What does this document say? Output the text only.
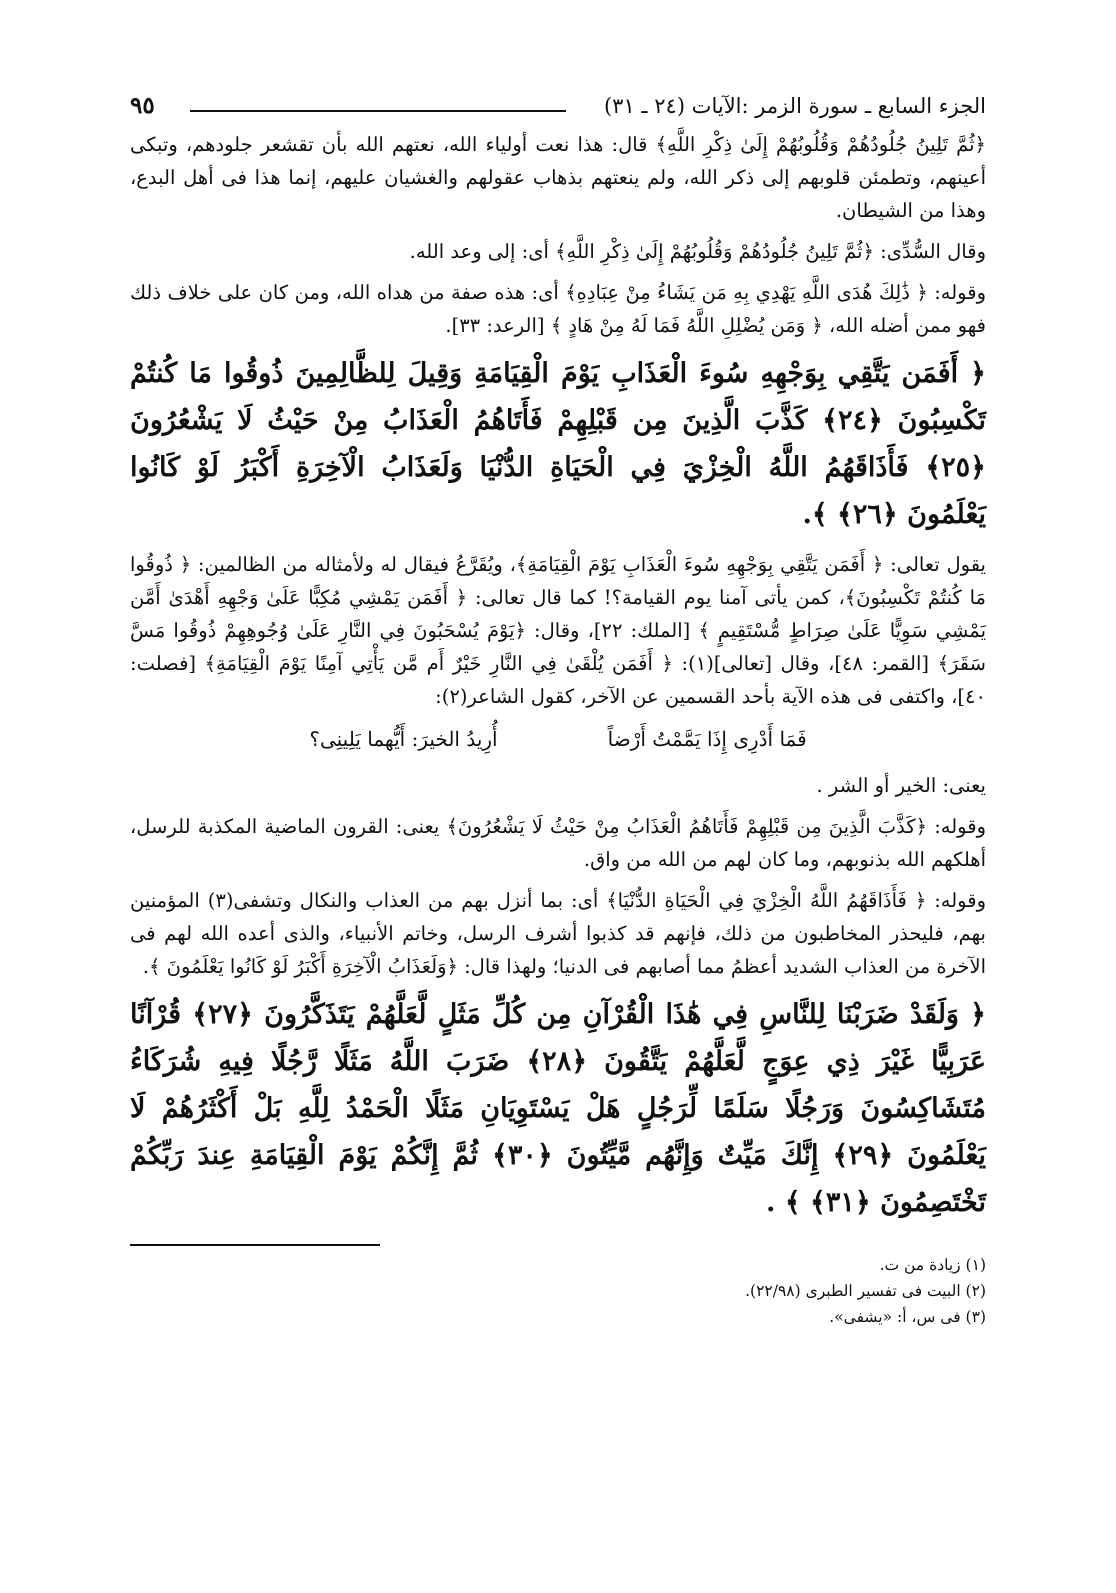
الجزء السابع ـ سورة الزمر :الآيات (٢٤ ـ ٣١)
٩٥

﴿ثُمَّ تَلِينُ جُلُودُهُمْ وَقُلُوبُهُمْ إِلَىٰ ذِكْرِ اللَّهِ﴾ قال: هذا نعت أولياء الله، نعتهم الله بأن تقشعر جلودهم، وتبكى أعينهم، وتطمئن قلوبهم إلى ذكر الله، ولم ينعتهم بذهاب عقولهم والغشيان عليهم، إنما هذا فى أهل البدع، وهذا من الشيطان.

وقال السُّدِّى: ﴿ثُمَّ تَلِينُ جُلُودُهُمْ وَقُلُوبُهُمْ إِلَىٰ ذِكْرِ اللَّهِ﴾ أى: إلى وعد الله.

وقوله: ﴿ ذَٰلِكَ هُدَى اللَّهِ يَهْدِي بِهِ مَن يَشَاءُ مِنْ عِبَادِهِ﴾ أى: هذه صفة من هداه الله، ومن كان على خلاف ذلك فهو ممن أضله الله، ﴿ وَمَن يُضْلِلِ اللَّهُ فَمَا لَهُ مِنْ هَادٍ ﴾ [الرعد: ٣٣].

﴿ أَفَمَن يَتَّقِي بِوَجْهِهِ سُوءَ الْعَذَابِ يَوْمَ الْقِيَامَةِ وَقِيلَ لِلظَّالِمِينَ ذُوقُوا مَا كُنتُمْ تَكْسِبُونَ ﴿٢٤﴾ كَذَّبَ الَّذِينَ مِن قَبْلِهِمْ فَأَتَاهُمُ الْعَذَابُ مِنْ حَيْثُ لَا يَشْعُرُونَ ﴿٢٥﴾ فَأَذَاقَهُمُ اللَّهُ الْخِزْيَ فِي الْحَيَاةِ الدُّنْيَا وَلَعَذَابُ الْآخِرَةِ أَكْبَرُ لَوْ كَانُوا يَعْلَمُونَ ﴿٢٦﴾ ﴾.

يقول تعالى: ﴿ أَفَمَن يَتَّقِي بِوَجْهِهِ سُوءَ الْعَذَابِ يَوْمَ الْقِيَامَةِ﴾، ويُقَرَّعُ فيقال له ولأمثاله من الظالمين: ﴿ ذُوقُوا مَا كُنتُمْ تَكْسِبُونَ﴾، كمن يأتى آمنا يوم القيامة؟! كما قال تعالى: ﴿ أَفَمَن يَمْشِي مُكِبًّا عَلَىٰ وَجْهِهِ أَهْدَىٰ أَمَّن يَمْشِي سَوِيًّا عَلَىٰ صِرَاطٍ مُّسْتَقِيمٍ ﴾ [الملك: ٢٢]، وقال: ﴿يَوْمَ يُسْحَبُونَ فِي النَّارِ عَلَىٰ وُجُوهِهِمْ ذُوقُوا مَسَّ سَقَرَ﴾ [القمر: ٤٨]، وقال [تعالى](١): ﴿ أَفَمَن يُلْقَىٰ فِي النَّارِ خَيْرٌ أَم مَّن يَأْتِي آمِنًا يَوْمَ الْقِيَامَةِ﴾ [فصلت: ٤٠]، واكتفى فى هذه الآية بأحد القسمين عن الآخر، كقول الشاعر(٢):

فَمَا أَدْرِى إِذَا يَمَّمْتُ أَرْضاً
أُرِيدُ الخيرَ: أَيُّهما يَلِينِى؟

يعنى: الخير أو الشر .

وقوله: ﴿كَذَّبَ الَّذِينَ مِن قَبْلِهِمْ فَأَتَاهُمُ الْعَذَابُ مِنْ حَيْثُ لَا يَشْعُرُونَ﴾ يعنى: القرون الماضية المكذبة للرسل، أهلكهم الله بذنوبهم، وما كان لهم من الله من واق.

وقوله: ﴿ فَأَذَاقَهُمُ اللَّهُ الْخِزْيَ فِي الْحَيَاةِ الدُّنْيَا﴾ أى: بما أنزل بهم من العذاب والنكال وتشفى(٣) المؤمنين بهم، فليحذر المخاطبون من ذلك، فإنهم قد كذبوا أشرف الرسل، وخاتم الأنبياء، والذى أعده الله لهم فى الآخرة من العذاب الشديد أعظمُ مما أصابهم فى الدنيا؛ ولهذا قال: ﴿وَلَعَذَابُ الْآخِرَةِ أَكْبَرُ لَوْ كَانُوا يَعْلَمُونَ ﴾.

﴿ وَلَقَدْ ضَرَبْنَا لِلنَّاسِ فِي هَٰذَا الْقُرْآنِ مِن كُلِّ مَثَلٍ لَّعَلَّهُمْ يَتَذَكَّرُونَ ﴿٢٧﴾ قُرْآنًا عَرَبِيًّا غَيْرَ ذِي عِوَجٍ لَّعَلَّهُمْ يَتَّقُونَ ﴿٢٨﴾ ضَرَبَ اللَّهُ مَثَلًا رَّجُلًا فِيهِ شُرَكَاءُ مُتَشَاكِسُونَ وَرَجُلًا سَلَمًا لِّرَجُلٍ هَلْ يَسْتَوِيَانِ مَثَلًا الْحَمْدُ لِلَّهِ بَلْ أَكْثَرُهُمْ لَا يَعْلَمُونَ ﴿٢٩﴾ إِنَّكَ مَيِّتٌ وَإِنَّهُم مَّيِّتُونَ ﴿٣٠﴾ ثُمَّ إِنَّكُمْ يَوْمَ الْقِيَامَةِ عِندَ رَبِّكُمْ تَخْتَصِمُونَ ﴿٣١﴾ ﴾ .

(١) زيادة من ت.
(٢) البيت فى تفسير الطبرى (٢٢/٩٨).
(٣) فى س، أ: «يشفى».
